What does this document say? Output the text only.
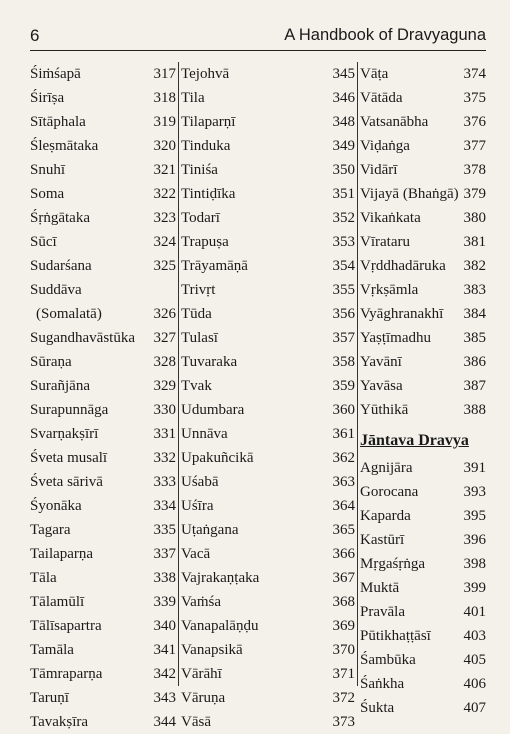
6	A Handbook of Dravyaguna
Śiṁśapā	317
Śirīṣa	318
Sītāphala	319
Śleṣmātaka	320
Snuhī	321
Soma	322
Śṛṅgātaka	323
Sūcī	324
Sudarśana	325
Suddāva
(Somalatā)	326
Sugandhavāstūka 327
Sūraṇa	328
Surañjāna	329
Surapunnāga	330
Svarṇakṣīrī	331
Śveta musalī	332
Śveta sārivā	333
Śyonāka	334
Tagara	335
Tailaparṇa	337
Tāla	338
Tālamūlī	339
Tālīsapartra	340
Tamāla	341
Tāmraparṇa	342
Taruṇī	343
Tavakṣīra	344
Tejohvā	345
Tila	346
Tilaparṇī	348
Tinduka	349
Tiniśa	350
Tintiḍīka	351
Todarī	352
Trapuṣa	353
Trāyamāṇā	354
Trivṛt	355
Tūda	356
Tulasī	357
Tuvaraka	358
Tvak	359
Udumbara	360
Unnāva	361
Upakuñcikā	362
Uśabā	363
Uśīra	364
Uṭaṅgana	365
Vacā	366
Vajrakaṇṭaka	367
Vaṁśa	368
Vanapalāṇḍu	369
Vanapsikā	370
Vārāhī	371
Vāruṇa	372
Vāsā	373
Vāṭa	374
Vātāda	375
Vatsanābha 376
Viḍaṅga	377
Vidārī	378
Vijayā (Bhaṅgā) 379
Vikaṅkata	380
Vīrataru	381
Vṛddhadāruka 382
Vṛkṣāmla	383
Vyāghranakhī 384
Yaṣṭīmadhu 385
Yavānī	386
Yavāsa	387
Yūthikā	388
Jāntava Dravya
Agnijāra	391
Gorocana	393
Kaparda	395
Kastūrī	396
Mṛgaśṛṅga	398
Muktā	399
Pravāla	401
Pūtikhaṭṭāsī 403
Śambūka	405
Śaṅkha	406
Śukta	407
